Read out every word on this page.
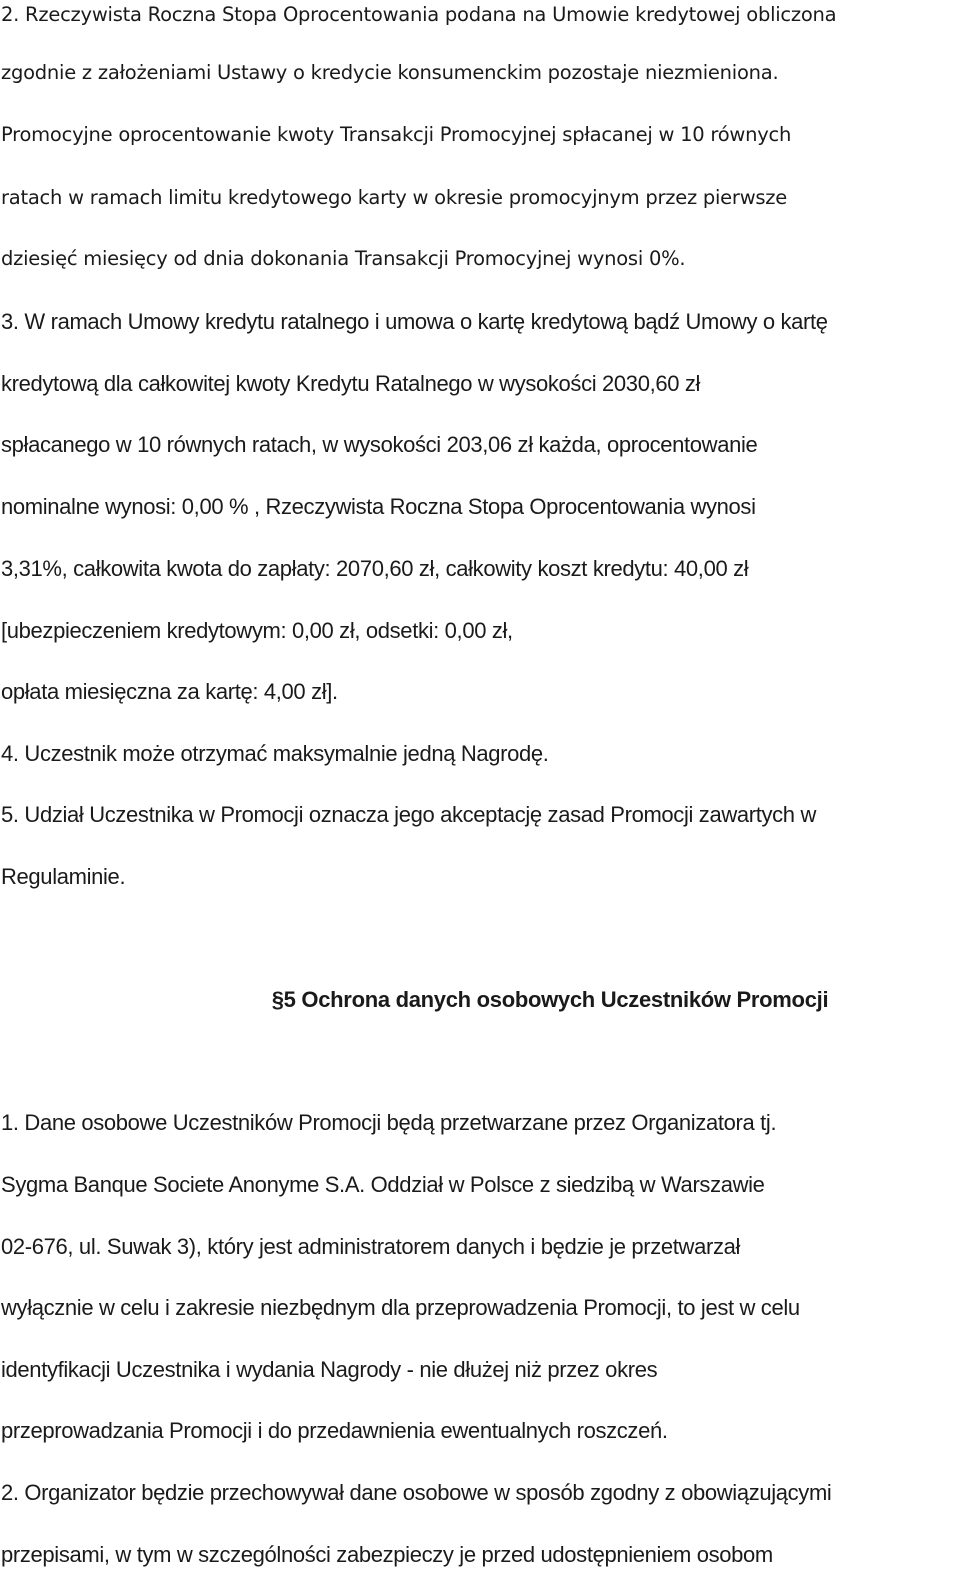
2. Rzeczywista Roczna Stopa Oprocentowania podana na Umowie kredytowej obliczona
zgodnie z założeniami Ustawy o kredycie konsumenckim pozostaje niezmieniona.
Promocyjne oprocentowanie kwoty Transakcji Promocyjnej spłacanej w 10 równych
ratach w ramach limitu kredytowego karty w okresie promocyjnym przez pierwsze
dziesięć miesięcy od dnia dokonania Transakcji Promocyjnej wynosi 0%.
3. W ramach Umowy kredytu ratalnego i umowa o kartę kredytową bądź Umowy o kartę
kredytową dla całkowitej kwoty Kredytu Ratalnego w wysokości 2030,60 zł
spłacanego w 10 równych ratach, w wysokości 203,06 zł każda, oprocentowanie
nominalne wynosi: 0,00 % , Rzeczywista Roczna Stopa Oprocentowania wynosi
3,31%, całkowita kwota do zapłaty: 2070,60 zł, całkowity koszt kredytu: 40,00 zł
[ubezpieczeniem kredytowym: 0,00 zł, odsetki: 0,00 zł,
opłata miesięczna za kartę: 4,00 zł].
4. Uczestnik może otrzymać maksymalnie jedną Nagrodę.
5. Udział Uczestnika w Promocji oznacza jego akceptację zasad Promocji zawartych w
Regulaminie.
§5 Ochrona danych osobowych Uczestników Promocji
1. Dane osobowe Uczestników Promocji będą przetwarzane przez Organizatora tj.
Sygma Banque Societe Anonyme S.A. Oddział w Polsce z siedzibą w Warszawie
02-676, ul. Suwak 3), który jest administratorem danych i będzie je przetwarzał
wyłącznie w celu i zakresie niezbędnym dla przeprowadzenia Promocji, to jest w celu
identyfikacji Uczestnika i wydania Nagrody - nie dłużej niż przez okres
przeprowadzania Promocji i do przedawnienia ewentualnych roszczeń.
2. Organizator będzie przechowywał dane osobowe w sposób zgodny z obowiązującymi
przepisami, w tym w szczególności zabezpieczy je przed udostępnieniem osobom
